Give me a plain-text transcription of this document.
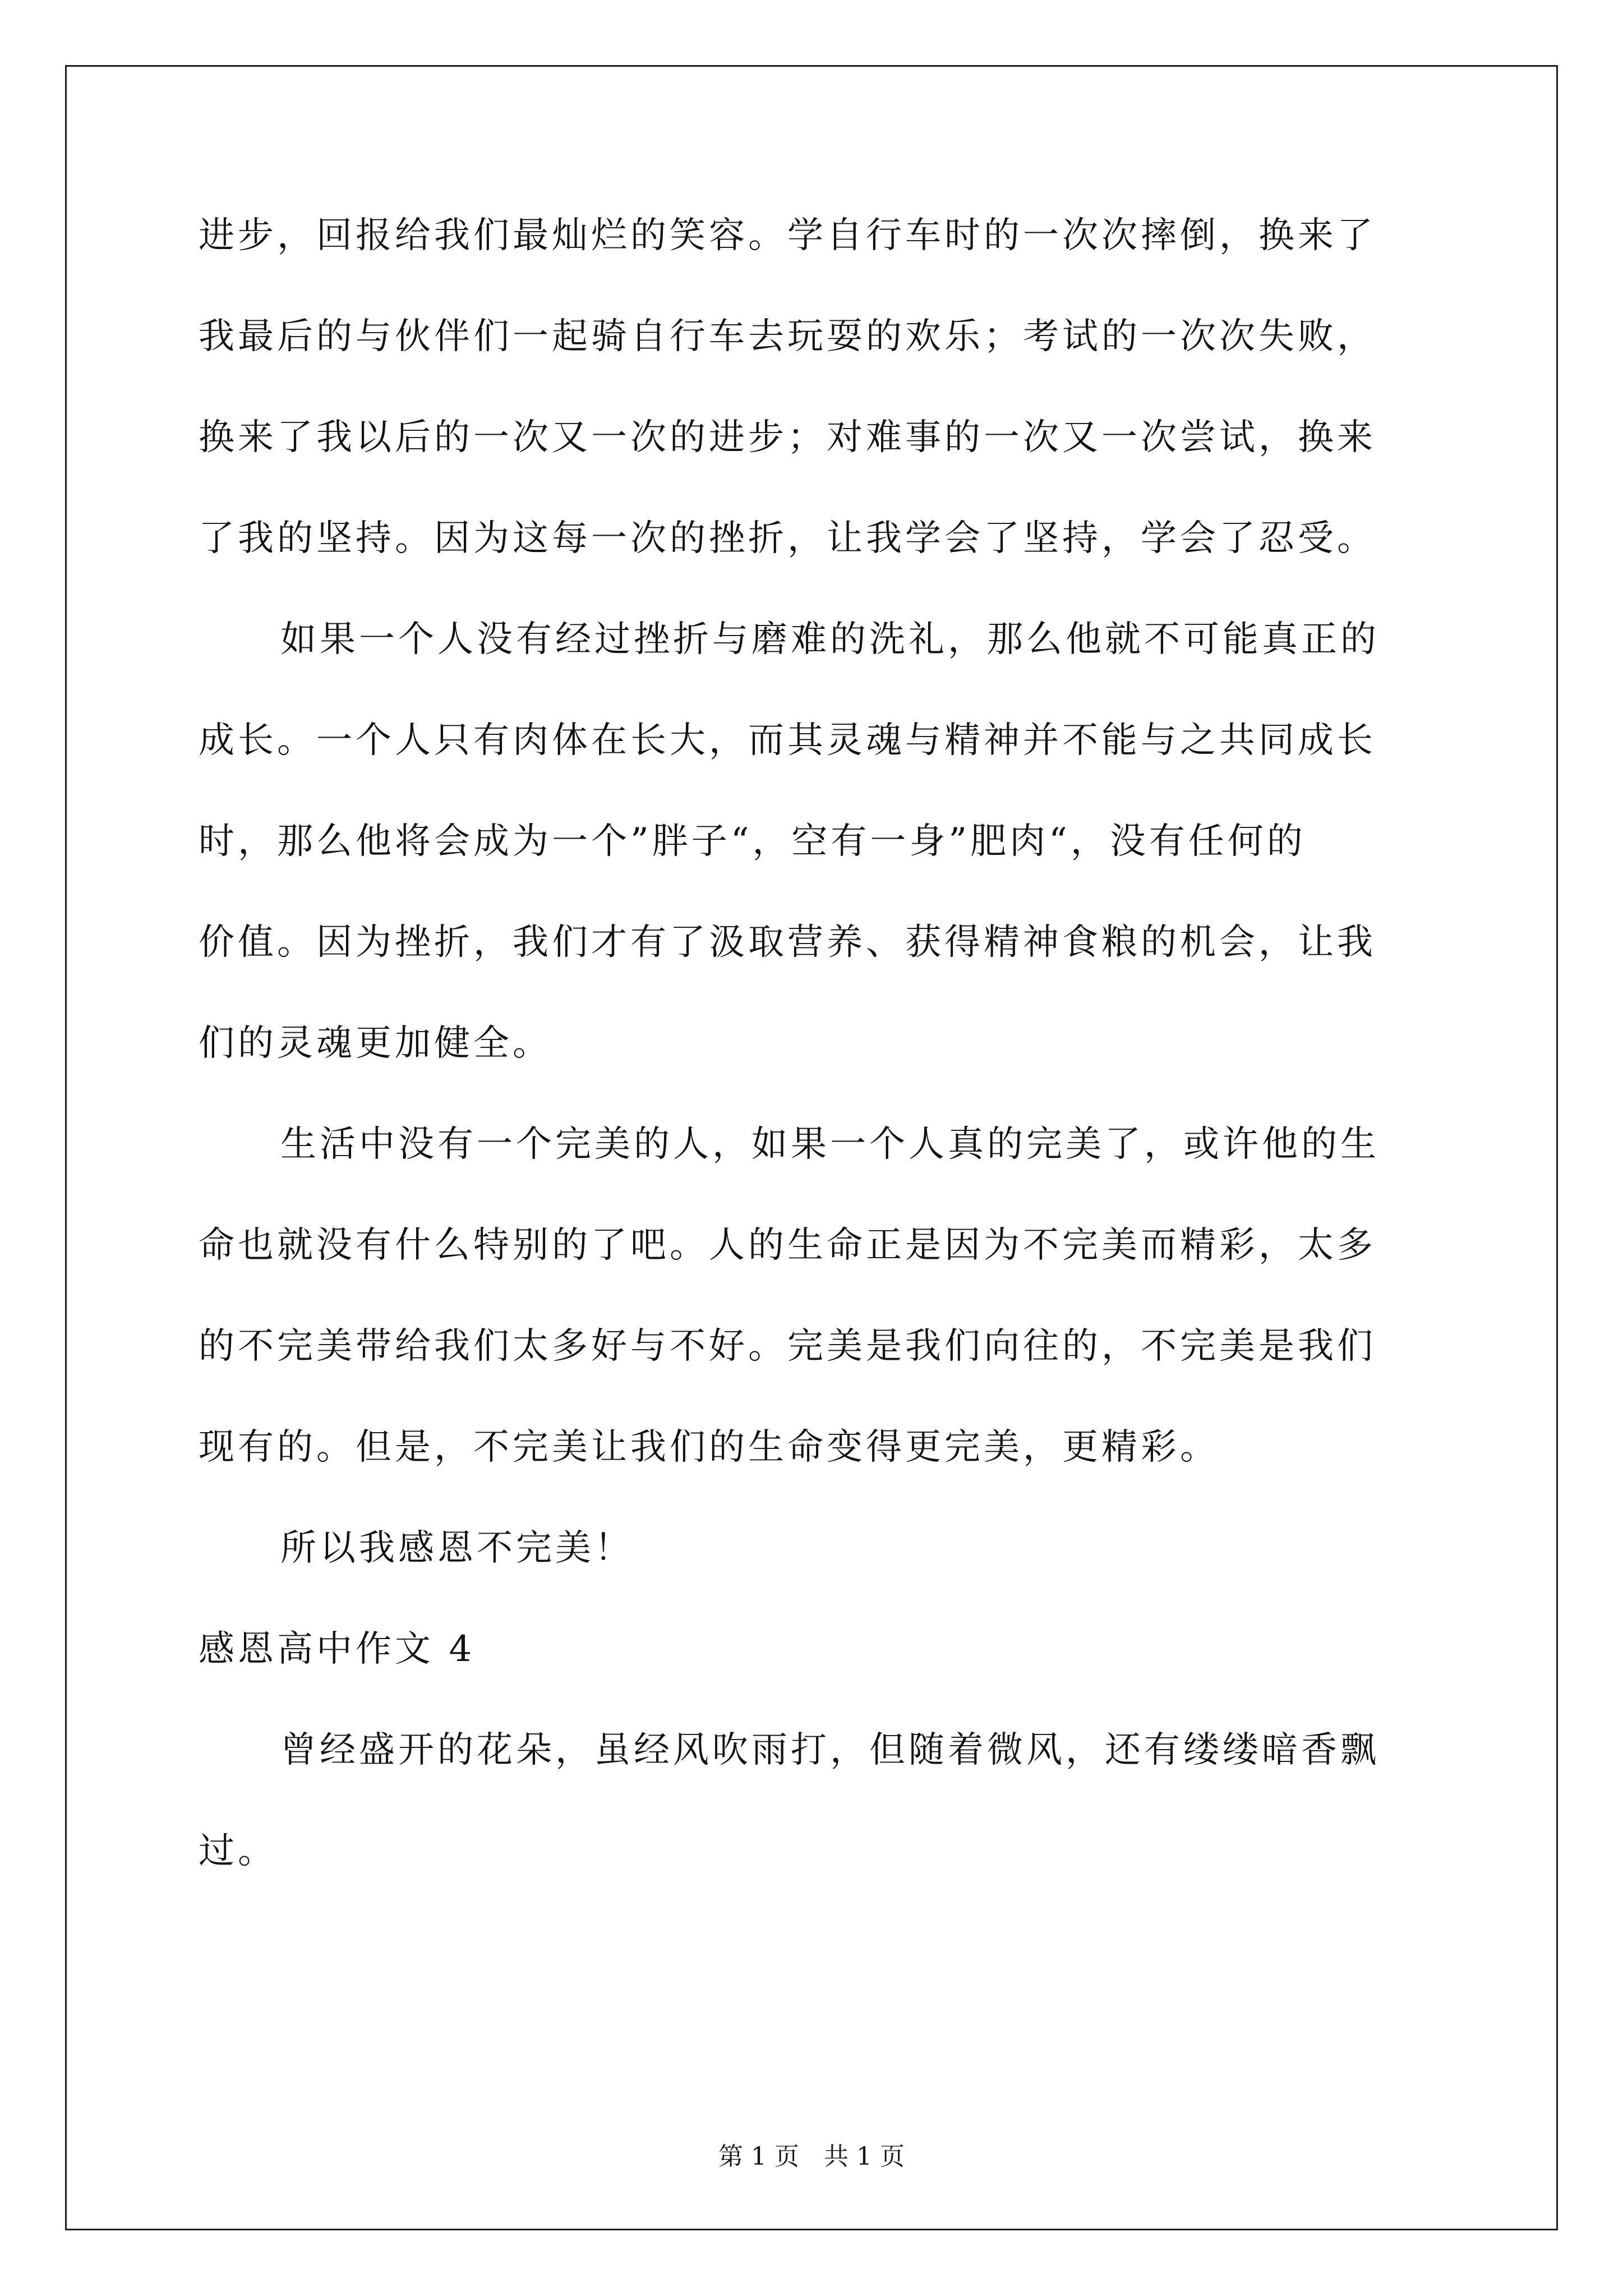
进步，回报给我们最灿烂的笑容。学自行车时的一次次摔倒，换来了
我最后的与伙伴们一起骑自行车去玩耍的欢乐；考试的一次次失败，
换来了我以后的一次又一次的进步；对难事的一次又一次尝试，换来
了我的坚持。因为这每一次的挫折，让我学会了坚持，学会了忍受。
如果一个人没有经过挫折与磨难的洗礼，那么他就不可能真正的
成长。一个人只有肉体在长大，而其灵魂与精神并不能与之共同成长
时，那么他将会成为一个”胖子“，空有一身”肥肉“，没有任何的
价值。因为挫折，我们才有了汲取营养、获得精神食粮的机会，让我
们的灵魂更加健全。
生活中没有一个完美的人，如果一个人真的完美了，或许他的生
命也就没有什么特别的了吧。人的生命正是因为不完美而精彩，太多
的不完美带给我们太多好与不好。完美是我们向往的，不完美是我们
现有的。但是，不完美让我们的生命变得更完美，更精彩。
所以我感恩不完美！
感恩高中作文 4
曾经盛开的花朵，虽经风吹雨打，但随着微风，还有缕缕暗香飘
过。
第 1 页 共 1 页
